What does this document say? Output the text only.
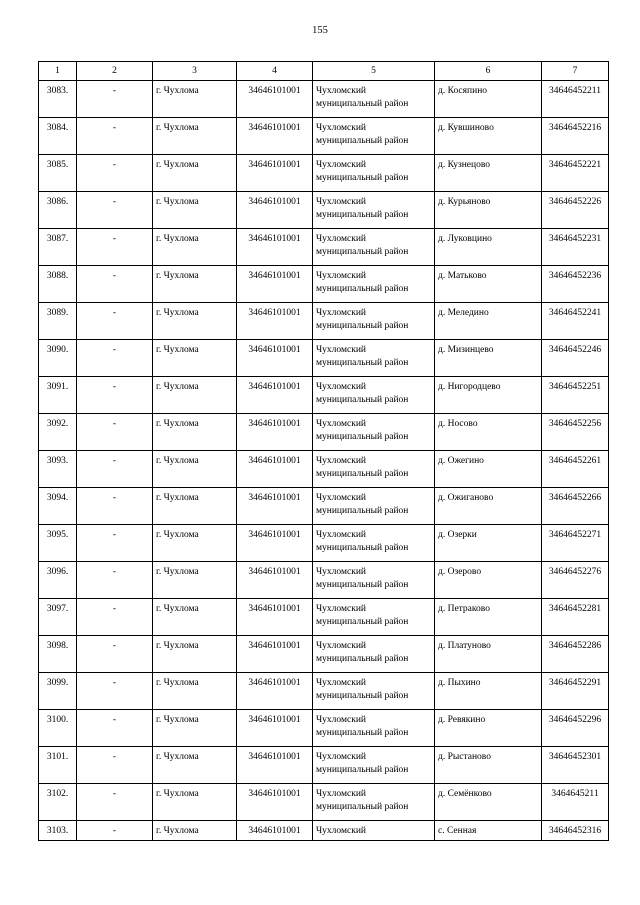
155
1	2	3	4	5	6	7
3083.	-	г. Чухлома	34646101001	Чухломский муниципальный район	д. Косяпино	34646452211
3084.	-	г. Чухлома	34646101001	Чухломский муниципальный район	д. Кувшиново	34646452216
3085.	-	г. Чухлома	34646101001	Чухломский муниципальный район	д. Кузнецово	34646452221
3086.	-	г. Чухлома	34646101001	Чухломский муниципальный район	д. Курьяново	34646452226
3087.	-	г. Чухлома	34646101001	Чухломский муниципальный район	д. Луковцино	34646452231
3088.	-	г. Чухлома	34646101001	Чухломский муниципальный район	д. Матьково	34646452236
3089.	-	г. Чухлома	34646101001	Чухломский муниципальный район	д. Меледино	34646452241
3090.	-	г. Чухлома	34646101001	Чухломский муниципальный район	д. Мизинцево	34646452246
3091.	-	г. Чухлома	34646101001	Чухломский муниципальный район	д. Нигородцево	34646452251
3092.	-	г. Чухлома	34646101001	Чухломский муниципальный район	д. Носово	34646452256
3093.	-	г. Чухлома	34646101001	Чухломский муниципальный район	д. Ожегино	34646452261
3094.	-	г. Чухлома	34646101001	Чухломский муниципальный район	д. Ожиганово	34646452266
3095.	-	г. Чухлома	34646101001	Чухломский муниципальный район	д. Озерки	34646452271
3096.	-	г. Чухлома	34646101001	Чухломский муниципальный район	д. Озерово	34646452276
3097.	-	г. Чухлома	34646101001	Чухломский муниципальный район	д. Петраково	34646452281
3098.	-	г. Чухлома	34646101001	Чухломский муниципальный район	д. Платуново	34646452286
3099.	-	г. Чухлома	34646101001	Чухломский муниципальный район	д. Пыхино	34646452291
3100.	-	г. Чухлома	34646101001	Чухломский муниципальный район	д. Ревякино	34646452296
3101.	-	г. Чухлома	34646101001	Чухломский муниципальный район	д. Рыстаново	34646452301
3102.	-	г. Чухлома	34646101001	Чухломский муниципальный район	д. Семёнково	3464645211
3103.	-	г. Чухлома	34646101001	Чухломский	с. Сенная	34646452316
